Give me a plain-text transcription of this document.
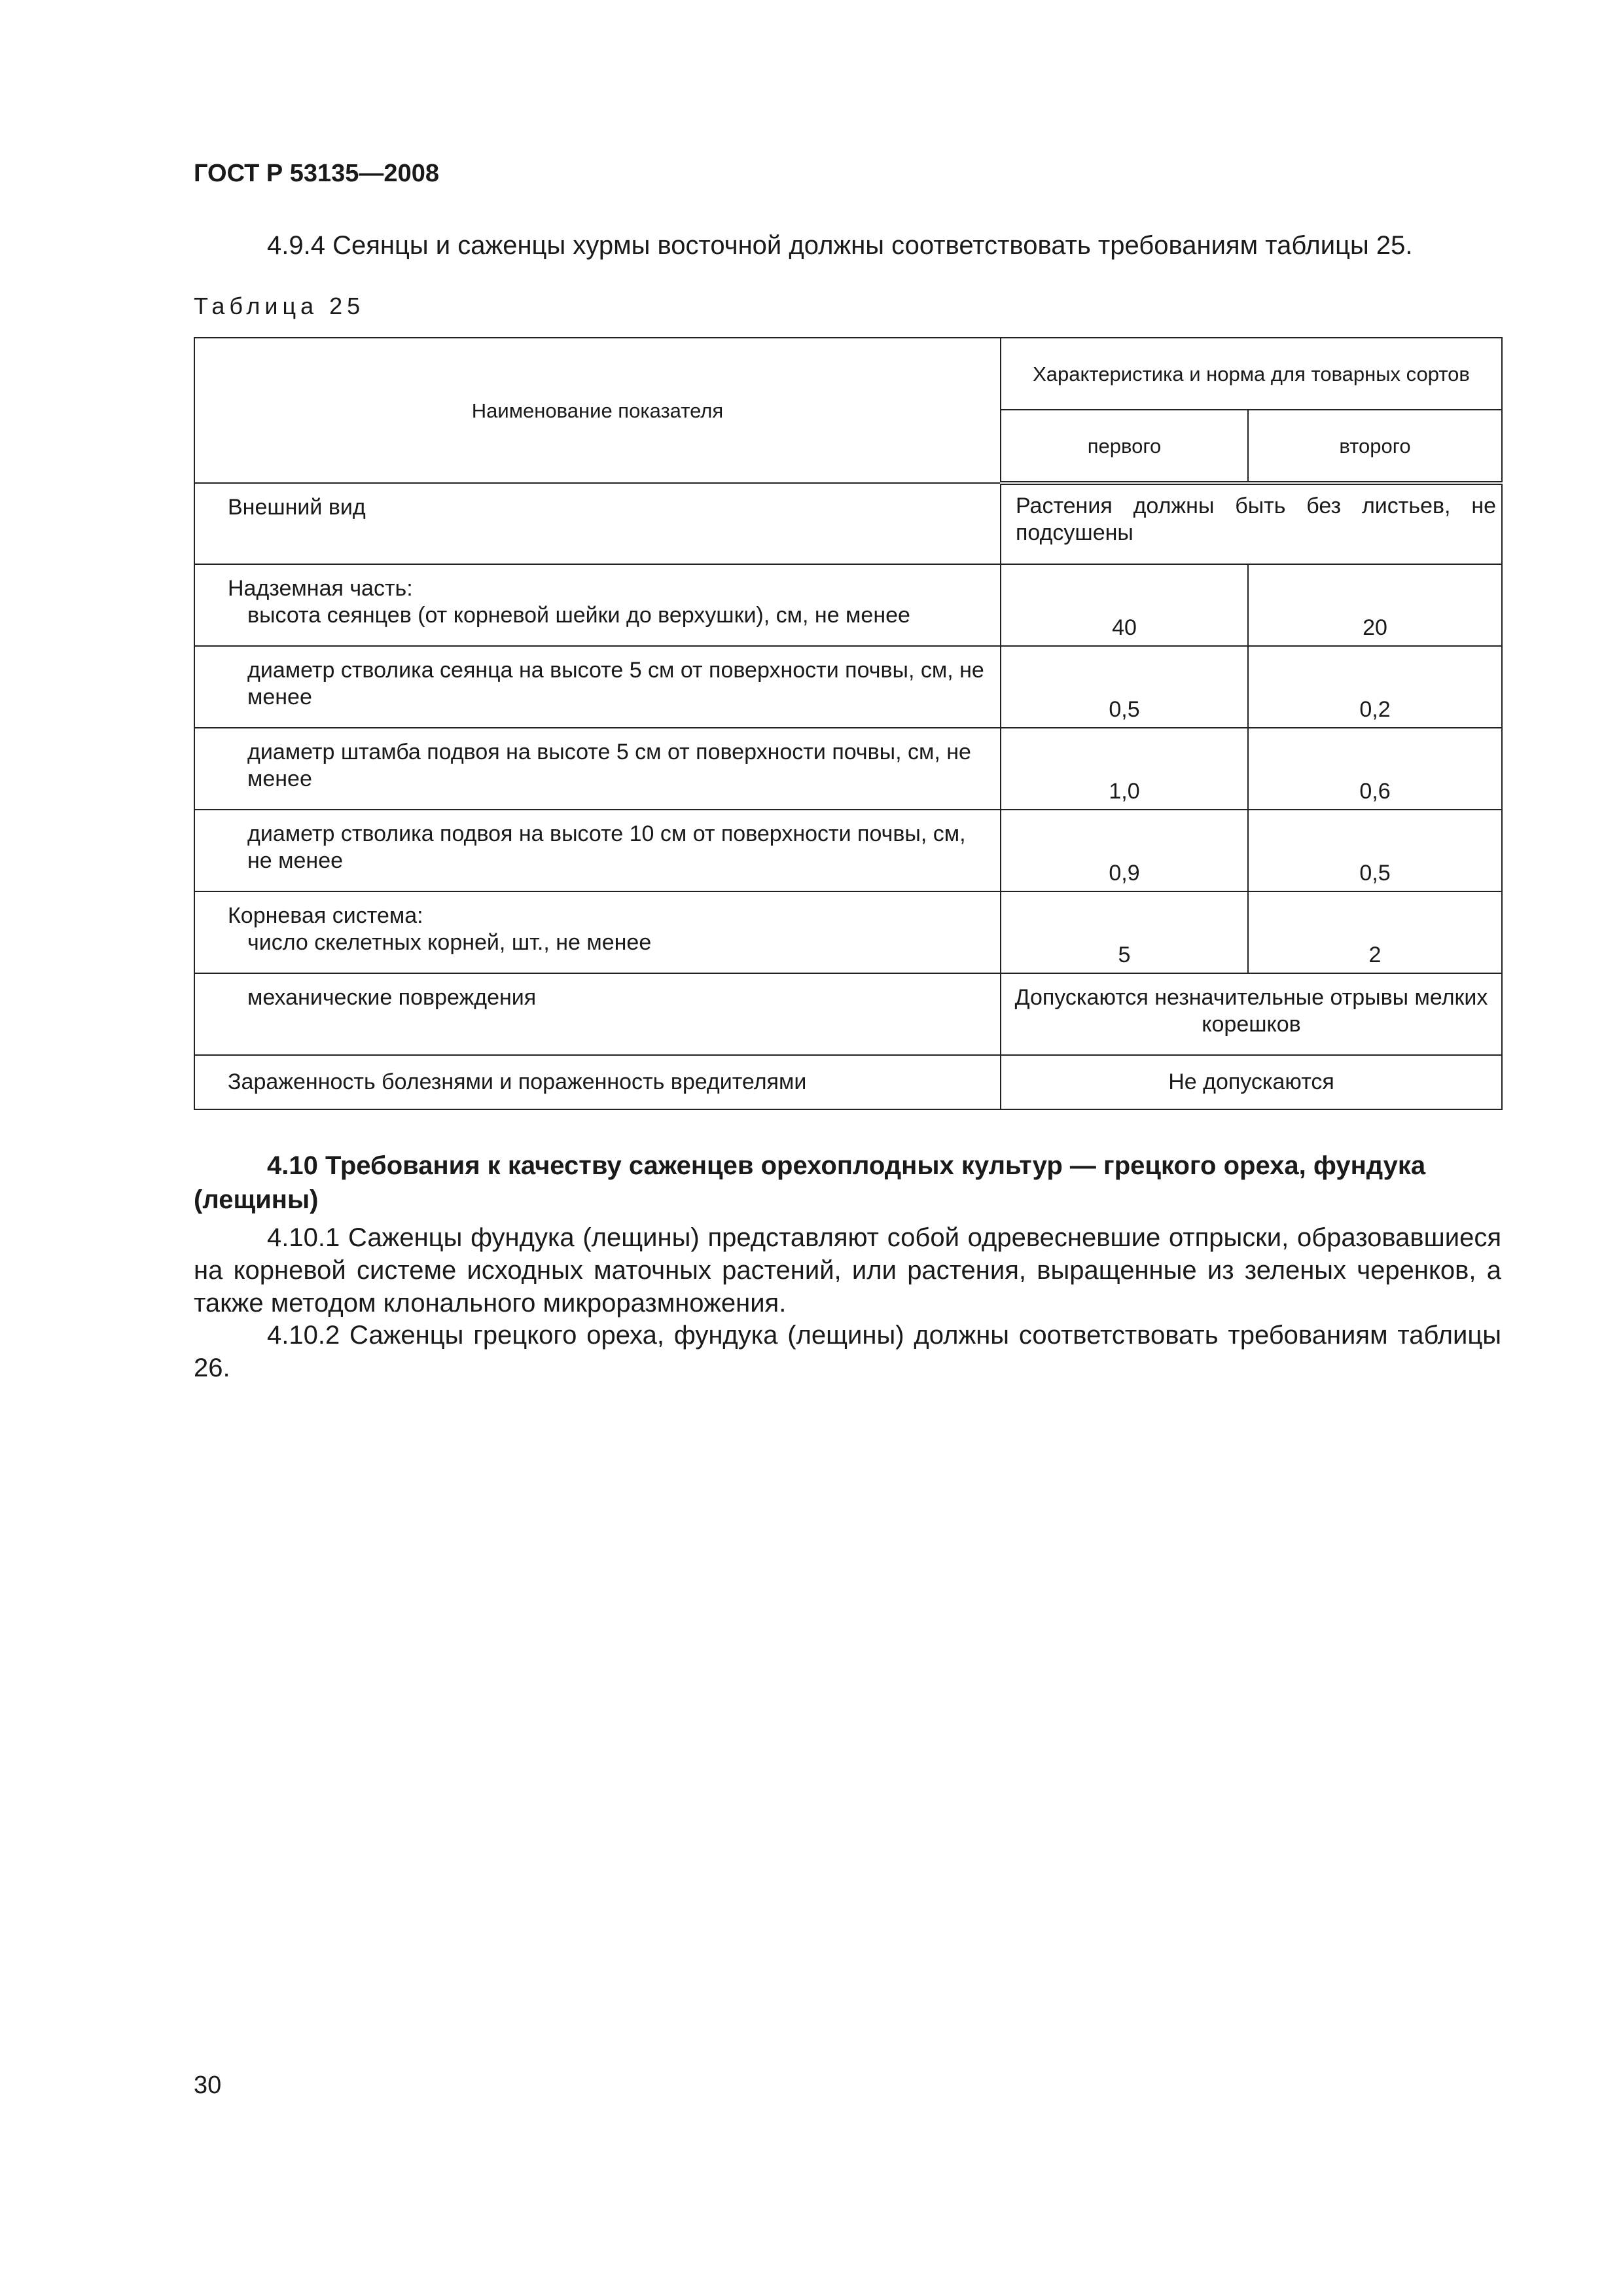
ГОСТ Р 53135—2008

4.9.4 Сеянцы и саженцы хурмы восточной должны соответствовать требованиям таблицы 25.

Таблица 25

Наименование показателя	Характеристика и норма для товарных сортов	
	первого	второго

Внешний вид	Растения должны быть без листьев, не подсушены	

Надземная часть:
высота сеянцев (от корневой шейки до верхушки), см, не менее	40	20

диаметр стволика сеянца на высоте 5 см от поверхности почвы, см, не менее	0,5	0,2

диаметр штамба подвоя на высоте 5 см от поверхности почвы, см, не менее	1,0	0,6

диаметр стволика подвоя на высоте 10 см от поверхности почвы, см, не менее	0,9	0,5

Корневая система:
число скелетных корней, шт., не менее	5	2

механические повреждения	Допускаются незначительные отрывы мелких корешков	

Зараженность болезнями и пораженность вредителями	Не допускаются	

4.10 Требования к качеству саженцев орехоплодных культур — грецкого ореха, фундука (лещины)

4.10.1 Саженцы фундука (лещины) представляют собой одревесневшие отпрыски, образовавшиеся на корневой системе исходных маточных растений, или растения, выращенные из зеленых черенков, а также методом клонального микроразмножения.

4.10.2 Саженцы грецкого ореха, фундука (лещины) должны соответствовать требованиям таблицы 26.

30
